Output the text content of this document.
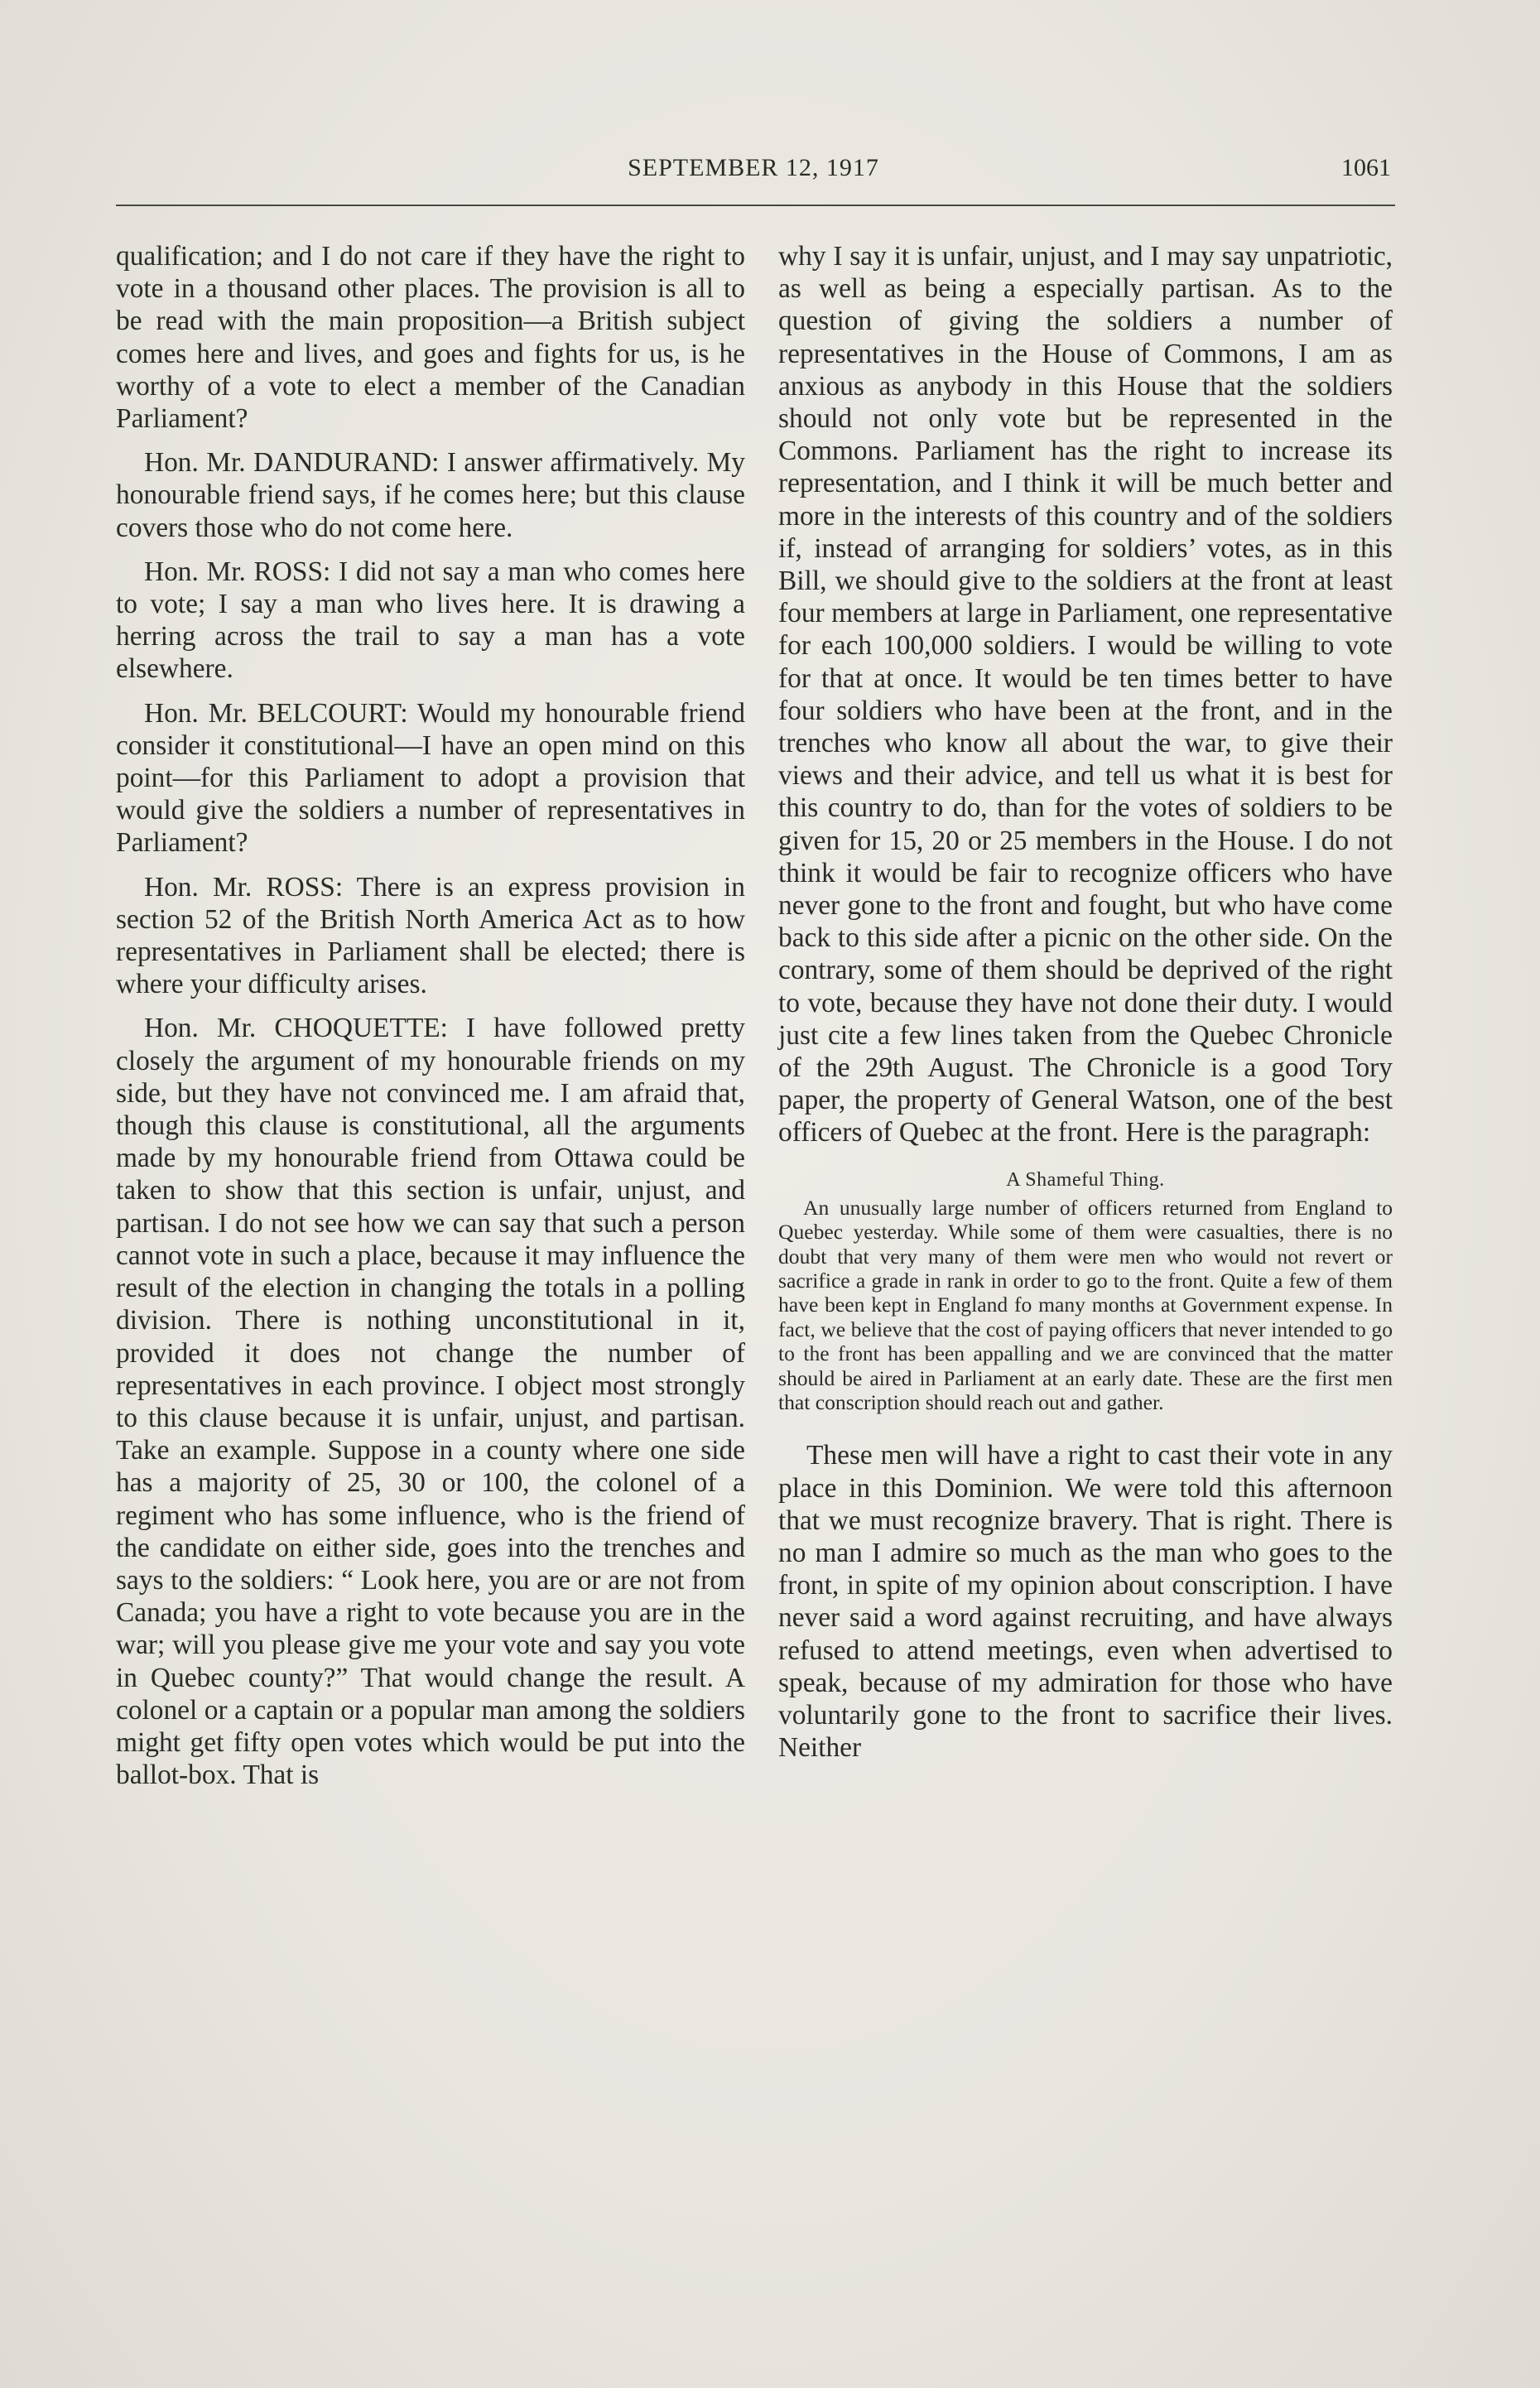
SEPTEMBER 12, 1917	1061

qualification; and I do not care if they have the right to vote in a thousand other places. The provision is all to be read with the main proposition—a British subject comes here and lives, and goes and fights for us, is he worthy of a vote to elect a member of the Canadian Parliament?

Hon. Mr. DANDURAND: I answer affirmatively. My honourable friend says, if he comes here; but this clause covers those who do not come here.

Hon. Mr. ROSS: I did not say a man who comes here to vote; I say a man who lives here. It is drawing a herring across the trail to say a man has a vote elsewhere.

Hon. Mr. BELCOURT: Would my honourable friend consider it constitutional—I have an open mind on this point—for this Parliament to adopt a provision that would give the soldiers a number of representatives in Parliament?

Hon. Mr. ROSS: There is an express provision in section 52 of the British North America Act as to how representatives in Parliament shall be elected; there is where your difficulty arises.

Hon. Mr. CHOQUETTE: I have followed pretty closely the argument of my honourable friends on my side, but they have not convinced me. I am afraid that, though this clause is constitutional, all the arguments made by my honourable friend from Ottawa could be taken to show that this section is unfair, unjust, and partisan. I do not see how we can say that such a person cannot vote in such a place, because it may influence the result of the election in changing the totals in a polling division. There is nothing unconstitutional in it, provided it does not change the number of representatives in each province. I object most strongly to this clause because it is unfair, unjust, and partisan. Take an example. Suppose in a county where one side has a majority of 25, 30 or 100, the colonel of a regiment who has some influence, who is the friend of the candidate on either side, goes into the trenches and says to the soldiers: “ Look here, you are or are not from Canada; you have a right to vote because you are in the war; will you please give me your vote and say you vote in Quebec county?” That would change the result. A colonel or a captain or a popular man among the soldiers might get fifty open votes which would be put into the ballot-box. That is

why I say it is unfair, unjust, and I may say unpatriotic, as well as being a especially partisan. As to the question of giving the soldiers a number of representatives in the House of Commons, I am as anxious as anybody in this House that the soldiers should not only vote but be represented in the Commons. Parliament has the right to increase its representation, and I think it will be much better and more in the interests of this country and of the soldiers if, instead of arranging for soldiers’ votes, as in this Bill, we should give to the soldiers at the front at least four members at large in Parliament, one representative for each 100,000 soldiers. I would be willing to vote for that at once. It would be ten times better to have four soldiers who have been at the front, and in the trenches who know all about the war, to give their views and their advice, and tell us what it is best for this country to do, than for the votes of soldiers to be given for 15, 20 or 25 members in the House. I do not think it would be fair to recognize officers who have never gone to the front and fought, but who have come back to this side after a picnic on the other side. On the contrary, some of them should be deprived of the right to vote, because they have not done their duty. I would just cite a few lines taken from the Quebec Chronicle of the 29th August. The Chronicle is a good Tory paper, the property of General Watson, one of the best officers of Quebec at the front. Here is the paragraph:

A Shameful Thing.
An unusually large number of officers returned from England to Quebec yesterday. While some of them were casualties, there is no doubt that very many of them were men who would not revert or sacrifice a grade in rank in order to go to the front. Quite a few of them have been kept in England fo many months at Government expense. In fact, we believe that the cost of paying officers that never intended to go to the front has been appalling and we are convinced that the matter should be aired in Parliament at an early date. These are the first men that conscription should reach out and gather.

These men will have a right to cast their vote in any place in this Dominion. We were told this afternoon that we must recognize bravery. That is right. There is no man I admire so much as the man who goes to the front, in spite of my opinion about conscription. I have never said a word against recruiting, and have always refused to attend meetings, even when advertised to speak, because of my admiration for those who have voluntarily gone to the front to sacrifice their lives. Neither
